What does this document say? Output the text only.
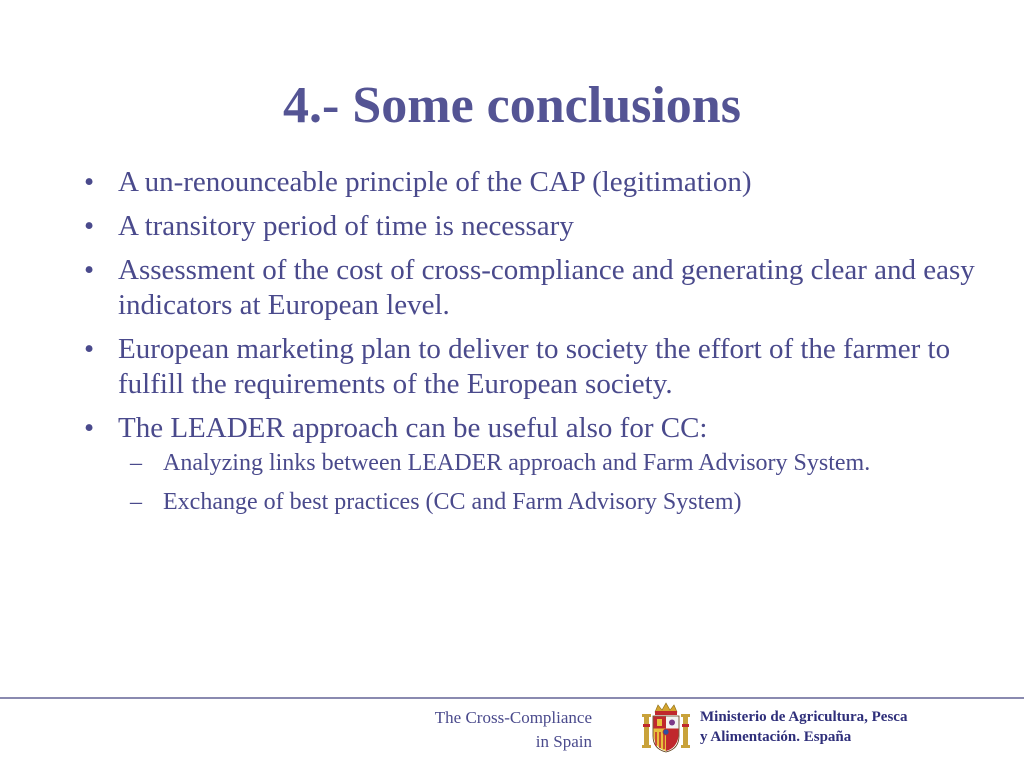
4.- Some conclusions
• A un-renounceable principle of the CAP (legitimation)
• A transitory period of time is necessary
• Assessment of the cost of cross-compliance and generating clear and easy indicators at European level.
• European marketing plan to deliver to society the effort of the farmer to fulfill the requirements of the European society.
• The LEADER approach can be useful also for CC:
– Analyzing links between LEADER approach and Farm Advisory System.
– Exchange of best practices (CC and Farm Advisory System)
The Cross-Compliance
in Spain
Ministerio de Agricultura, Pesca
y Alimentación. España
